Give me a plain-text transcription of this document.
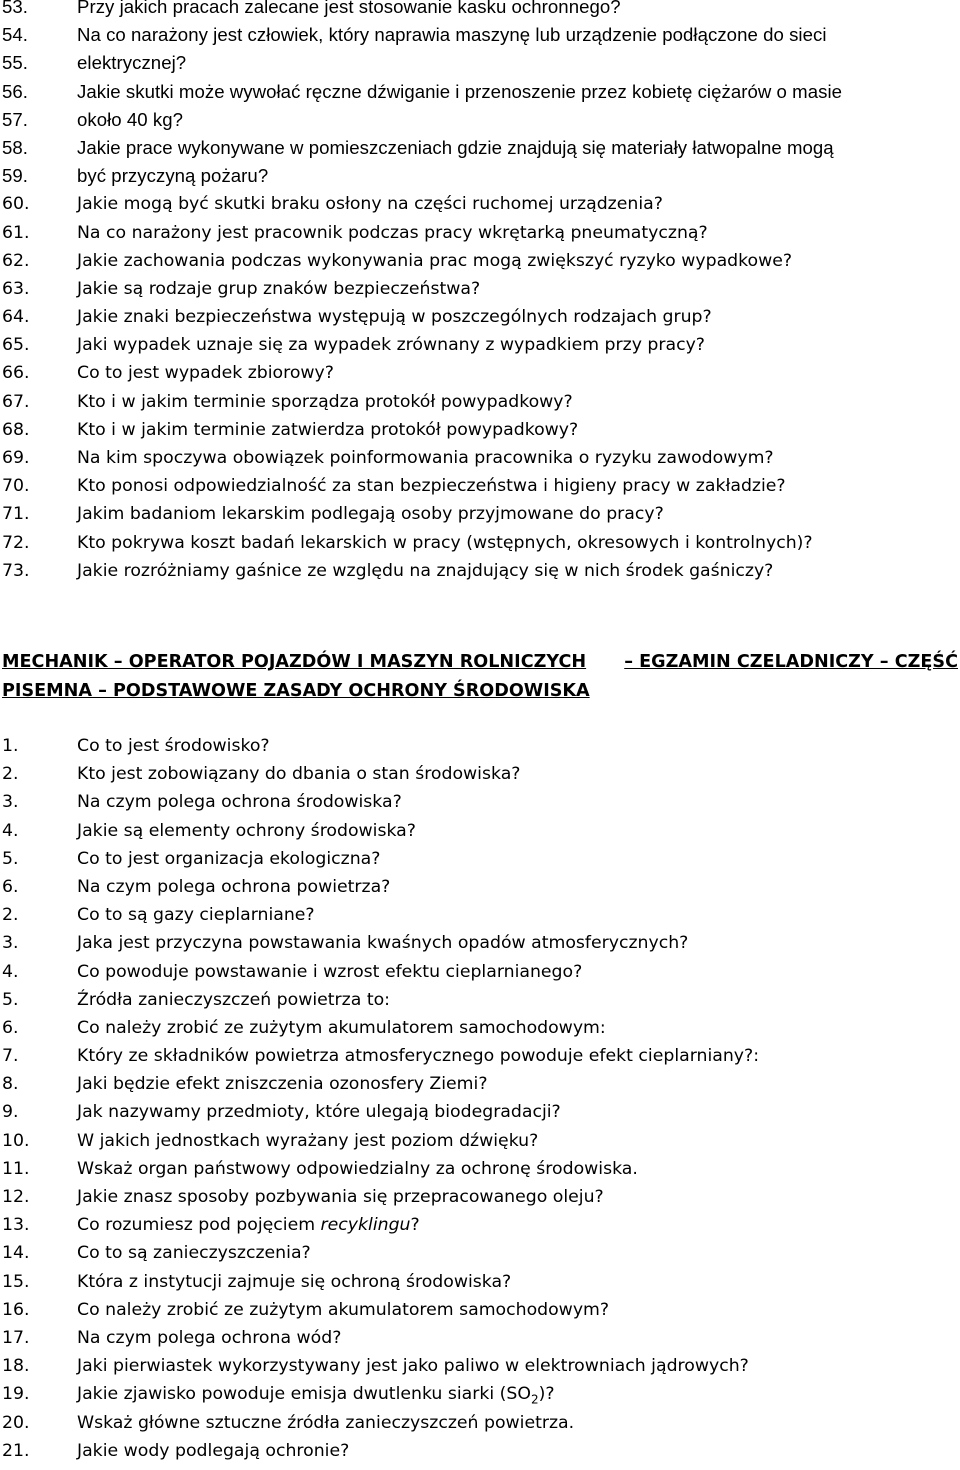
53.	Przy jakich pracach zalecane jest stosowanie kasku ochronnego?
54.	Na co narażony jest człowiek, który naprawia maszynę lub urządzenie podłączone do sieci
55.	elektrycznej?
56.	Jakie skutki może wywołać ręczne dźwiganie i przenoszenie przez kobietę ciężarów o masie
57.	około 40 kg?
58.	Jakie prace wykonywane w pomieszczeniach gdzie znajdują się materiały łatwopalne mogą
59.	być przyczyną pożaru?
60.	Jakie mogą być skutki braku osłony na części ruchomej urządzenia?
61.	Na co narażony jest pracownik podczas pracy wkrętarką pneumatyczną?
62.	Jakie zachowania podczas wykonywania prac mogą zwiększyć ryzyko wypadkowe?
63.	Jakie są rodzaje grup znaków bezpieczeństwa?
64.	Jakie znaki bezpieczeństwa występują w poszczególnych rodzajach grup?
65.	Jaki wypadek uznaje się za wypadek zrównany z wypadkiem przy pracy?
66.	Co to jest wypadek zbiorowy?
67.	Kto i w jakim terminie sporządza protokół powypadkowy?
68.	Kto i w jakim terminie zatwierdza protokół powypadkowy?
69.	Na kim spoczywa obowiązek poinformowania pracownika o ryzyku zawodowym?
70.	Kto ponosi odpowiedzialność za stan bezpieczeństwa i higieny pracy w zakładzie?
71.	Jakim badaniom lekarskim podlegają osoby przyjmowane do pracy?
72.	Kto pokrywa koszt badań lekarskich w pracy (wstępnych, okresowych i kontrolnych)?
73.	Jakie rozróżniamy gaśnice ze względu na znajdujący się w nich środek gaśniczy?
MECHANIK – OPERATOR POJAZDÓW I MASZYN ROLNICZYCH – EGZAMIN CZELADNICZY – CZĘŚĆ
PISEMNA – PODSTAWOWE ZASADY OCHRONY ŚRODOWISKA
1.	Co to jest środowisko?
2.	Kto jest zobowiązany do dbania o stan środowiska?
3.	Na czym polega ochrona środowiska?
4.	Jakie są elementy ochrony środowiska?
5.	Co to jest organizacja ekologiczna?
6.	Na czym polega ochrona powietrza?
2.	Co to są gazy cieplarniane?
3.	Jaka jest przyczyna powstawania kwaśnych opadów atmosferycznych?
4.	Co powoduje powstawanie i wzrost efektu cieplarnianego?
5.	Źródła zanieczyszczeń powietrza to:
6.	Co należy zrobić ze zużytym akumulatorem samochodowym:
7.	Który ze składników powietrza atmosferycznego powoduje efekt cieplarniany?:
8.	Jaki będzie efekt zniszczenia ozonosfery Ziemi?
9.	Jak nazywamy przedmioty, które ulegają biodegradacji?
10.	W jakich jednostkach wyrażany jest poziom dźwięku?
11.	Wskaż organ państwowy odpowiedzialny za ochronę środowiska.
12.	Jakie znasz sposoby pozbywania się przepracowanego oleju?
13.	Co rozumiesz pod pojęciem recyklingu?
14.	Co to są zanieczyszczenia?
15.	Która z instytucji zajmuje się ochroną środowiska?
16.	Co należy zrobić ze zużytym akumulatorem samochodowym?
17.	Na czym polega ochrona wód?
18.	Jaki pierwiastek wykorzystywany jest jako paliwo w elektrowniach jądrowych?
19.	Jakie zjawisko powoduje emisja dwutlenku siarki $(SO_2)$?
20.	Wskaż główne sztuczne źródła zanieczyszczeń powietrza.
21.	Jakie wody podlegają ochronie?
